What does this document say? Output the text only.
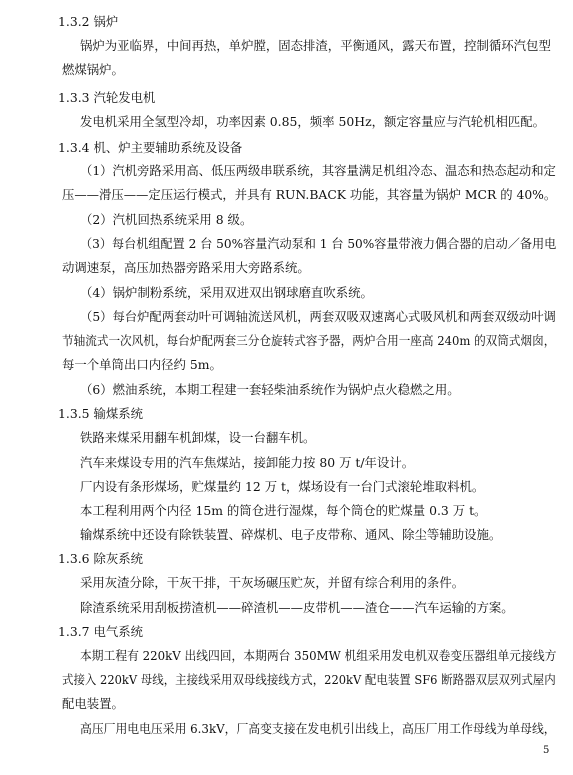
1.3.2 锅炉
锅炉为亚临界，中间再热，单炉膛，固态排渣，平衡通风，露天布置，控制循环汽包型
燃煤锅炉。
1.3.3 汽轮发电机
发电机采用全氢型冷却，功率因素 0.85，频率 50Hz，额定容量应与汽轮机相匹配。
1.3.4 机、炉主要辅助系统及设备
（1）汽机旁路采用高、低压两级串联系统，其容量满足机组冷态、温态和热态起动和定
压——滑压——定压运行模式，并具有 RUN.BACK 功能，其容量为锅炉 MCR 的 40%。
（2）汽机回热系统采用 8 级。
（3）每台机组配置 2 台 50%容量汽动泵和 1 台 50%容量带液力偶合器的启动／备用电
动调速泵，高压加热器旁路采用大旁路系统。
（4）锅炉制粉系统，采用双进双出钢球磨直吹系统。
（5）每台炉配两套动叶可调轴流送风机，两套双吸双速离心式吸风机和两套双级动叶调
节轴流式一次风机，每台炉配两套三分仓旋转式容予器，两炉合用一座高 240m 的双筒式烟囱，
每一个单筒出口内径约 5m。
（6）燃油系统，本期工程建一套轻柴油系统作为锅炉点火稳燃之用。
1.3.5 输煤系统
铁路来煤采用翻车机卸煤，设一台翻车机。
汽车来煤设专用的汽车焦煤站，接卸能力按 80 万 t/年设计。
厂内设有条形煤场，贮煤量约 12 万 t，煤场设有一台门式滚轮堆取料机。
本工程利用两个内径 15m 的筒仓进行湿煤，每个筒仓的贮煤量 0.3 万 t。
输煤系统中还设有除铁装置、碎煤机、电子皮带称、通风、除尘等辅助设施。
1.3.6 除灰系统
采用灰渣分除，干灰干排，干灰场碾压贮灰，并留有综合利用的条件。
除渣系统采用刮板捞渣机——碎渣机——皮带机——渣仓——汽车运输的方案。
1.3.7 电气系统
本期工程有 220kV 出线四回，本期两台 350MW 机组采用发电机双卷变压器组单元接线方
式接入 220kV 母线，主接线采用双母线接线方式，220kV 配电装置 SF6 断路器双层双列式屋内
配电装置。
高压厂用电电压采用 6.3kV，厂高变支接在发电机引出线上，高压厂用工作母线为单母线，
5
